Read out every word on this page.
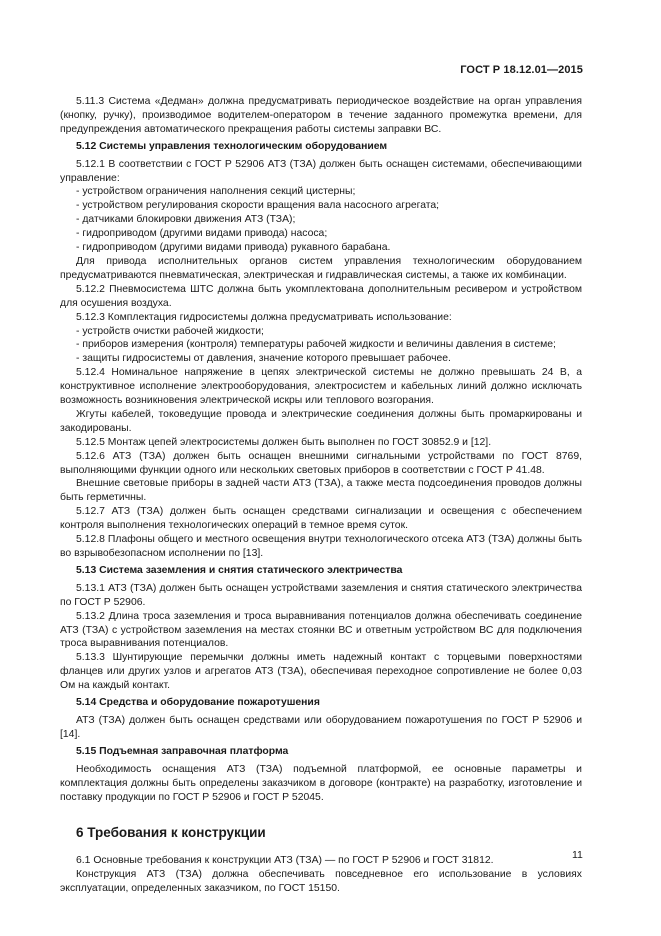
ГОСТ Р 18.12.01—2015

5.11.3 Система «Дедман» должна предусматривать периодическое воздействие на орган управления (кнопку, ручку), производимое водителем-оператором в течение заданного промежутка времени, для предупреждения автоматического прекращения работы системы заправки ВС.

5.12 Системы управления технологическим оборудованием

5.12.1 В соответствии с ГОСТ Р 52906 АТЗ (ТЗА) должен быть оснащен системами, обеспечивающими управление:

- устройством ограничения наполнения секций цистерны;

- устройством регулирования скорости вращения вала насосного агрегата;

- датчиками блокировки движения АТЗ (ТЗА);

- гидроприводом (другими видами привода) насоса;

- гидроприводом (другими видами привода) рукавного барабана.

Для привода исполнительных органов систем управления технологическим оборудованием предусматриваются пневматическая, электрическая и гидравлическая системы, а также их комбинации.

5.12.2 Пневмосистема ШТС должна быть укомплектована дополнительным ресивером и устройством для осушения воздуха.

5.12.3 Комплектация гидросистемы должна предусматривать использование:

- устройств очистки рабочей жидкости;

- приборов измерения (контроля) температуры рабочей жидкости и величины давления в системе;

- защиты гидросистемы от давления, значение которого превышает рабочее.

5.12.4 Номинальное напряжение в цепях электрической системы не должно превышать 24 В, а конструктивное исполнение электрооборудования, электросистем и кабельных линий должно исключать возможность возникновения электрической искры или теплового возгорания.

Жгуты кабелей, токоведущие провода и электрические соединения должны быть промаркированы и закодированы.

5.12.5 Монтаж цепей электросистемы должен быть выполнен по ГОСТ 30852.9 и [12].

5.12.6 АТЗ (ТЗА) должен быть оснащен внешними сигнальными устройствами по ГОСТ 8769, выполняющими функции одного или нескольких световых приборов в соответствии с ГОСТ Р 41.48.

Внешние световые приборы в задней части АТЗ (ТЗА), а также места подсоединения проводов должны быть герметичны.

5.12.7 АТЗ (ТЗА) должен быть оснащен средствами сигнализации и освещения с обеспечением контроля выполнения технологических операций в темное время суток.

5.12.8 Плафоны общего и местного освещения внутри технологического отсека АТЗ (ТЗА) должны быть во взрывобезопасном исполнении по [13].

5.13 Система заземления и снятия статического электричества

5.13.1 АТЗ (ТЗА) должен быть оснащен устройствами заземления и снятия статического электричества по ГОСТ Р 52906.

5.13.2 Длина троса заземления и троса выравнивания потенциалов должна обеспечивать соединение АТЗ (ТЗА) с устройством заземления на местах стоянки ВС и ответным устройством ВС для подключения троса выравнивания потенциалов.

5.13.3 Шунтирующие перемычки должны иметь надежный контакт с торцевыми поверхностями фланцев или других узлов и агрегатов АТЗ (ТЗА), обеспечивая переходное сопротивление не более 0,03 Ом на каждый контакт.

5.14 Средства и оборудование пожаротушения

АТЗ (ТЗА) должен быть оснащен средствами или оборудованием пожаротушения по ГОСТ Р 52906 и [14].

5.15 Подъемная заправочная платформа

Необходимость оснащения АТЗ (ТЗА) подъемной платформой, ее основные параметры и комплектация должны быть определены заказчиком в договоре (контракте) на разработку, изготовление и поставку продукции по ГОСТ Р 52906 и ГОСТ Р 52045.

6 Требования к конструкции

6.1 Основные требования к конструкции АТЗ (ТЗА) — по ГОСТ Р 52906 и ГОСТ 31812.

Конструкция АТЗ (ТЗА) должна обеспечивать повседневное его использование в условиях эксплуатации, определенных заказчиком, по ГОСТ 15150.

11
